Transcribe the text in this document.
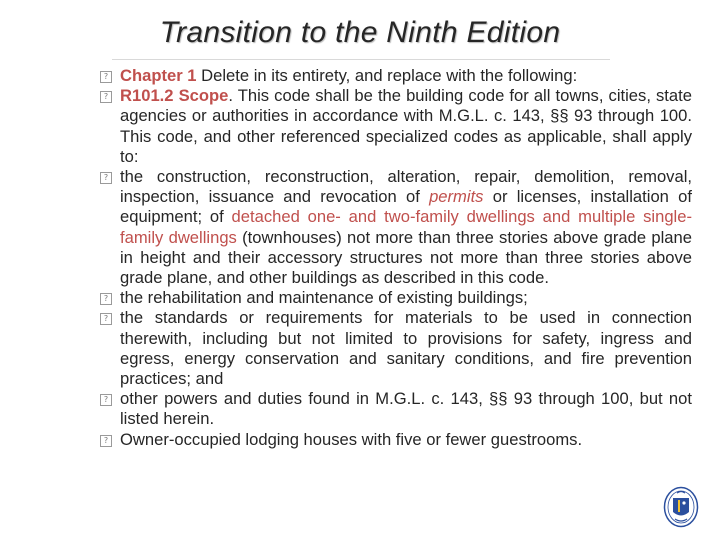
Transition to the Ninth Edition
? Chapter 1 Delete in its entirety, and replace with the following:
? R101.2 Scope. This code shall be the building code for all towns, cities, state agencies or authorities in accordance with M.G.L. c. 143, §§ 93 through 100. This code, and other referenced specialized codes as applicable, shall apply to:
? the construction, reconstruction, alteration, repair, demolition, removal, inspection, issuance and revocation of permits or licenses, installation of equipment; of detached one- and two-family dwellings and multiple single-family dwellings (townhouses) not more than three stories above grade plane in height and their accessory structures not more than three stories above grade plane, and other buildings as described in this code.
? the rehabilitation and maintenance of existing buildings;
? the standards or requirements for materials to be used in connection therewith, including but not limited to provisions for safety, ingress and egress, energy conservation and sanitary conditions, and fire prevention practices; and
? other powers and duties found in M.G.L. c. 143, §§ 93 through 100, but not listed herein.
? Owner-occupied lodging houses with five or fewer guestrooms.
